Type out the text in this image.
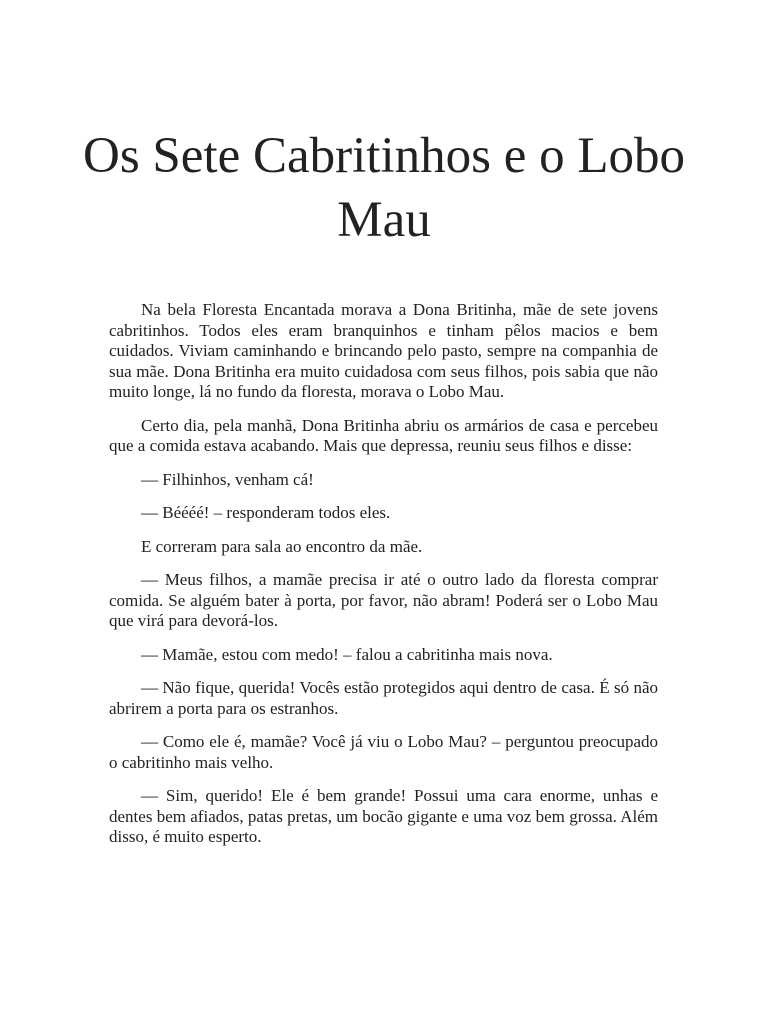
Os Sete Cabritinhos e o Lobo Mau

Na bela Floresta Encantada morava a Dona Britinha, mãe de sete jovens cabritinhos. Todos eles eram branquinhos e tinham pêlos macios e bem cuidados. Viviam caminhando e brincando pelo pasto, sempre na companhia de sua mãe. Dona Britinha era muito cuidadosa com seus filhos, pois sabia que não muito longe, lá no fundo da floresta, morava o Lobo Mau.

Certo dia, pela manhã, Dona Britinha abriu os armários de casa e percebeu que a comida estava acabando. Mais que depressa, reuniu seus filhos e disse:

— Filhinhos, venham cá!

— Béééé! – responderam todos eles.

E correram para sala ao encontro da mãe.

— Meus filhos, a mamãe precisa ir até o outro lado da floresta comprar comida. Se alguém bater à porta, por favor, não abram! Poderá ser o Lobo Mau que virá para devorá-los.

— Mamãe, estou com medo! – falou a cabritinha mais nova.

— Não fique, querida! Vocês estão protegidos aqui dentro de casa. É só não abrirem a porta para os estranhos.

— Como ele é, mamãe? Você já viu o Lobo Mau? – perguntou preocupado o cabritinho mais velho.

— Sim, querido! Ele é bem grande! Possui uma cara enorme, unhas e dentes bem afiados, patas pretas, um bocão gigante e uma voz bem grossa. Além disso, é muito esperto.
